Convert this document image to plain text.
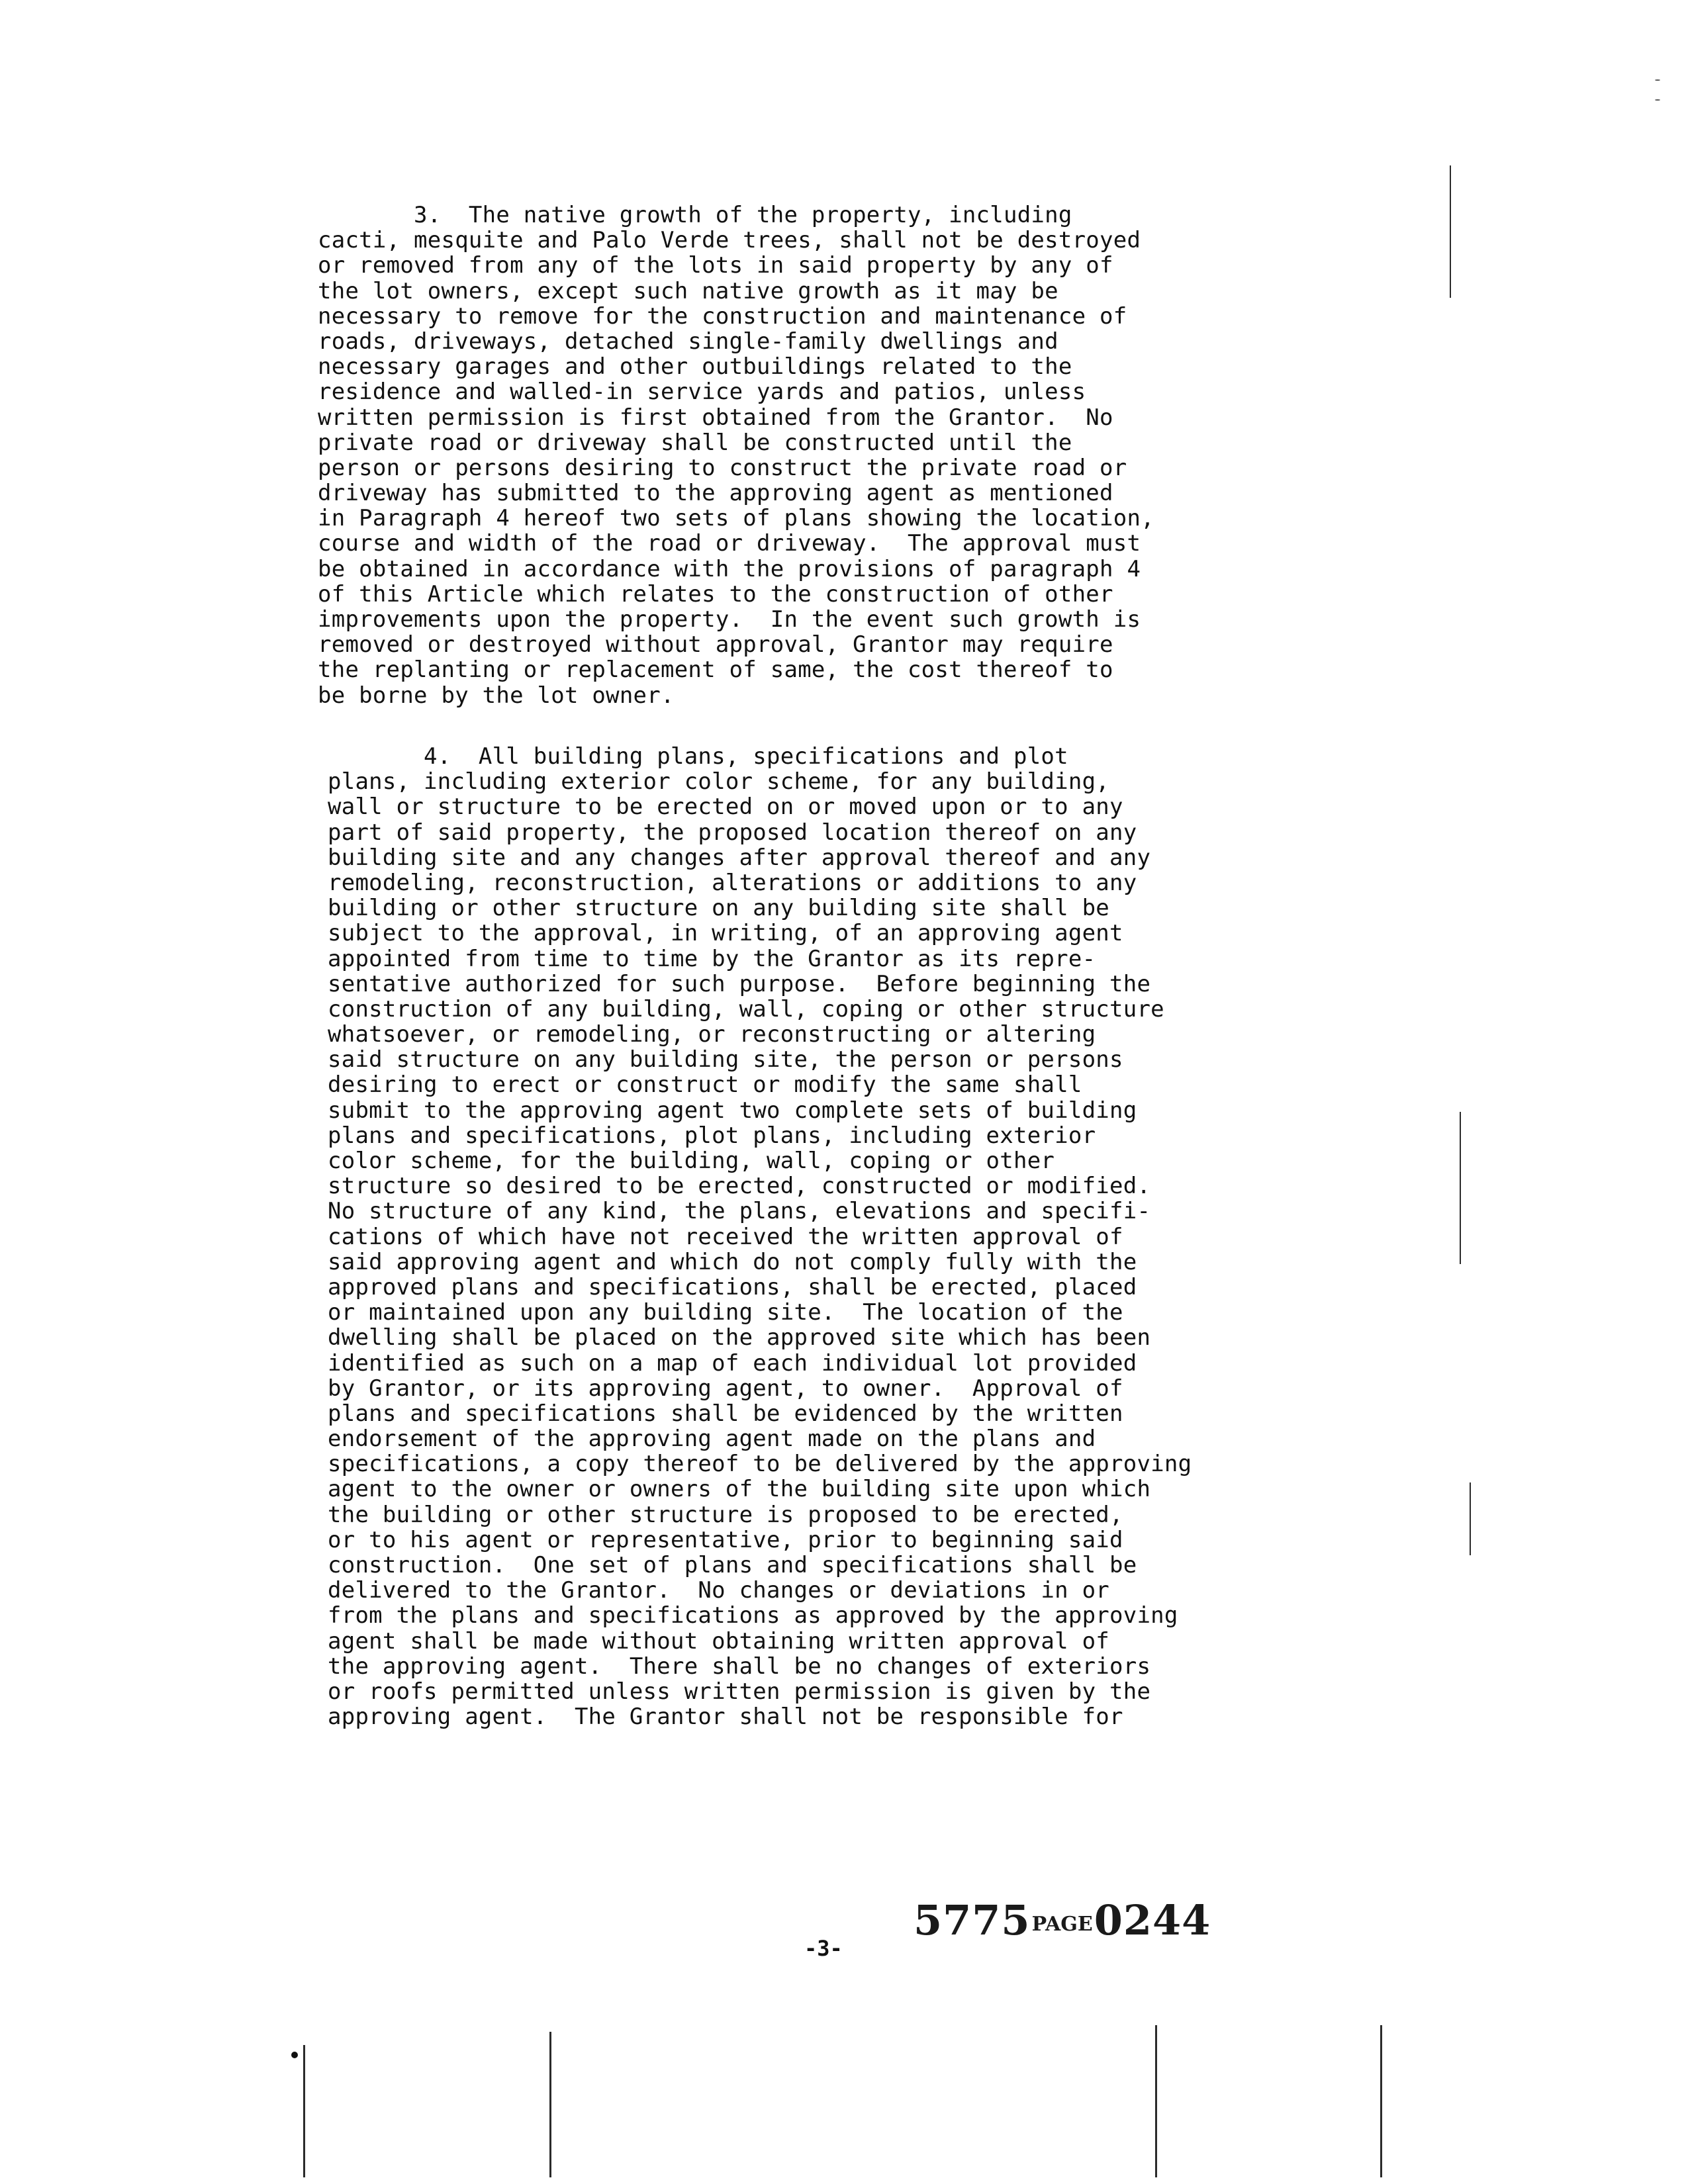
3.  The native growth of the property, including
cacti, mesquite and Palo Verde trees, shall not be destroyed
or removed from any of the lots in said property by any of
the lot owners, except such native growth as it may be
necessary to remove for the construction and maintenance of
roads, driveways, detached single-family dwellings and
necessary garages and other outbuildings related to the
residence and walled-in service yards and patios, unless
written permission is first obtained from the Grantor.  No
private road or driveway shall be constructed until the
person or persons desiring to construct the private road or
driveway has submitted to the approving agent as mentioned
in Paragraph 4 hereof two sets of plans showing the location,
course and width of the road or driveway.  The approval must
be obtained in accordance with the provisions of paragraph 4
of this Article which relates to the construction of other
improvements upon the property.  In the event such growth is
removed or destroyed without approval, Grantor may require
the replanting or replacement of same, the cost thereof to
be borne by the lot owner.
4.  All building plans, specifications and plot
plans, including exterior color scheme, for any building,
wall or structure to be erected on or moved upon or to any
part of said property, the proposed location thereof on any
building site and any changes after approval thereof and any
remodeling, reconstruction, alterations or additions to any
building or other structure on any building site shall be
subject to the approval, in writing, of an approving agent
appointed from time to time by the Grantor as its repre-
sentative authorized for such purpose.  Before beginning the
construction of any building, wall, coping or other structure
whatsoever, or remodeling, or reconstructing or altering
said structure on any building site, the person or persons
desiring to erect or construct or modify the same shall
submit to the approving agent two complete sets of building
plans and specifications, plot plans, including exterior
color scheme, for the building, wall, coping or other
structure so desired to be erected, constructed or modified.
No structure of any kind, the plans, elevations and specifi-
cations of which have not received the written approval of
said approving agent and which do not comply fully with the
approved plans and specifications, shall be erected, placed
or maintained upon any building site.  The location of the
dwelling shall be placed on the approved site which has been
identified as such on a map of each individual lot provided
by Grantor, or its approving agent, to owner.  Approval of
plans and specifications shall be evidenced by the written
endorsement of the approving agent made on the plans and
specifications, a copy thereof to be delivered by the approving
agent to the owner or owners of the building site upon which
the building or other structure is proposed to be erected,
or to his agent or representative, prior to beginning said
construction.  One set of plans and specifications shall be
delivered to the Grantor.  No changes or deviations in or
from the plans and specifications as approved by the approving
agent shall be made without obtaining written approval of
the approving agent.  There shall be no changes of exteriors
or roofs permitted unless written permission is given by the
approving agent.  The Grantor shall not be responsible for
5775PAGE0244
-3-
